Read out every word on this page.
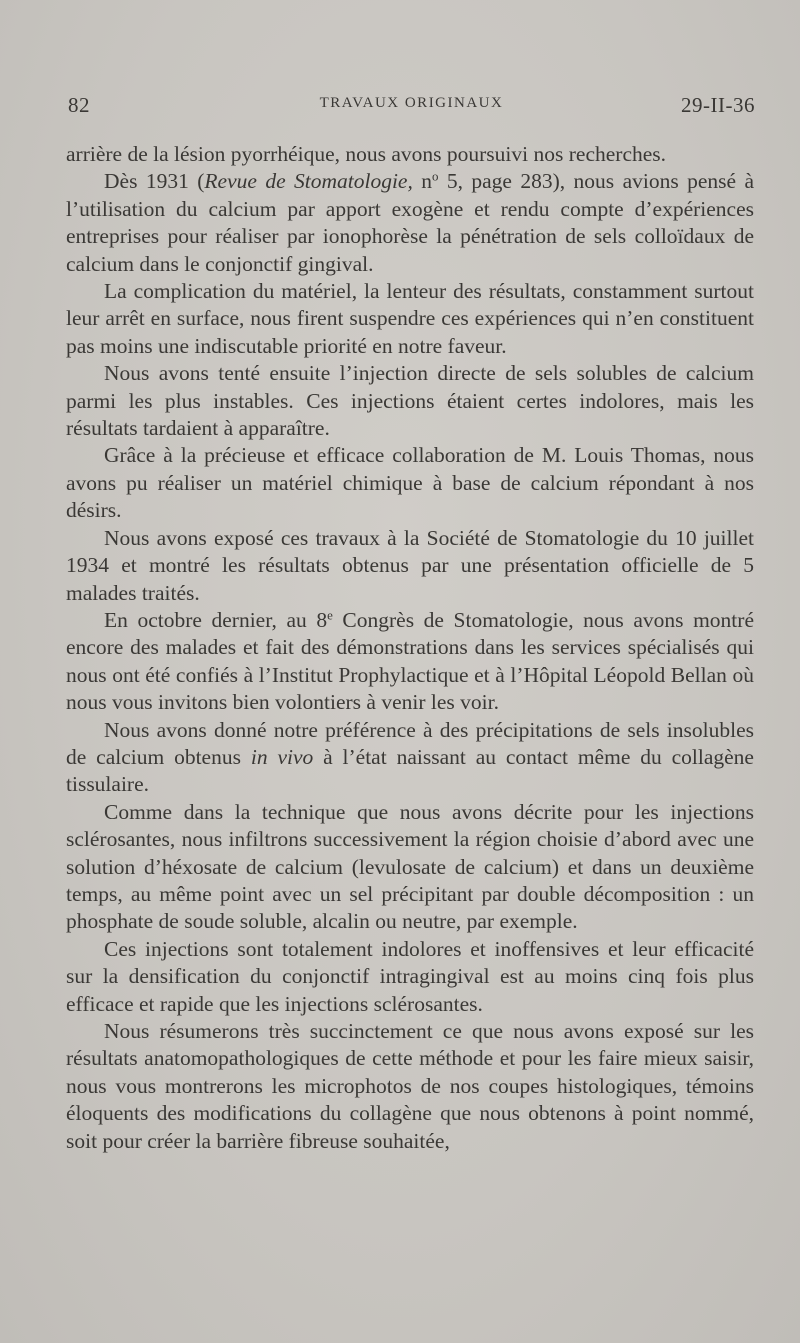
82	TRAVAUX ORIGINAUX	29-II-36

arrière de la lésion pyorrhéique, nous avons poursuivi nos recherches.

Dès 1931 (Revue de Stomatologie, $n^o$ 5, page 283), nous avions pensé à l’utilisation du calcium par apport exogène et rendu compte d’expériences entreprises pour réaliser par ionophorèse la pénétration de sels colloïdaux de calcium dans le conjonctif gingival.

La complication du matériel, la lenteur des résultats, constamment surtout leur arrêt en surface, nous firent suspendre ces expériences qui n’en constituent pas moins une indiscutable priorité en notre faveur.

Nous avons tenté ensuite l’injection directe de sels solubles de calcium parmi les plus instables. Ces injections étaient certes indolores, mais les résultats tardaient à apparaître.

Grâce à la précieuse et efficace collaboration de M. Louis Thomas, nous avons pu réaliser un matériel chimique à base de calcium répondant à nos désirs.

Nous avons exposé ces travaux à la Société de Stomatologie du 10 juillet 1934 et montré les résultats obtenus par une présentation officielle de 5 malades traités.

En octobre dernier, au 8e Congrès de Stomatologie, nous avons montré encore des malades et fait des démonstrations dans les services spécialisés qui nous ont été confiés à l’Institut Prophylactique et à l’Hôpital Léopold Bellan où nous vous invitons bien volontiers à venir les voir.

Nous avons donné notre préférence à des précipitations de sels insolubles de calcium obtenus in vivo à l’état naissant au contact même du collagène tissulaire.

Comme dans la technique que nous avons décrite pour les injections sclérosantes, nous infiltrons successivement la région choisie d’abord avec une solution d’héxosate de calcium (levulosate de calcium) et dans un deuxième temps, au même point avec un sel précipitant par double décomposition : un phosphate de soude soluble, alcalin ou neutre, par exemple.

Ces injections sont totalement indolores et inoffensives et leur efficacité sur la densification du conjonctif intragingival est au moins cinq fois plus efficace et rapide que les injections sclérosantes.

Nous résumerons très succinctement ce que nous avons exposé sur les résultats anatomopathologiques de cette méthode et pour les faire mieux saisir, nous vous montrerons les microphotos de nos coupes histologiques, témoins éloquents des modifications du collagène que nous obtenons à point nommé, soit pour créer la barrière fibreuse souhaitée,
